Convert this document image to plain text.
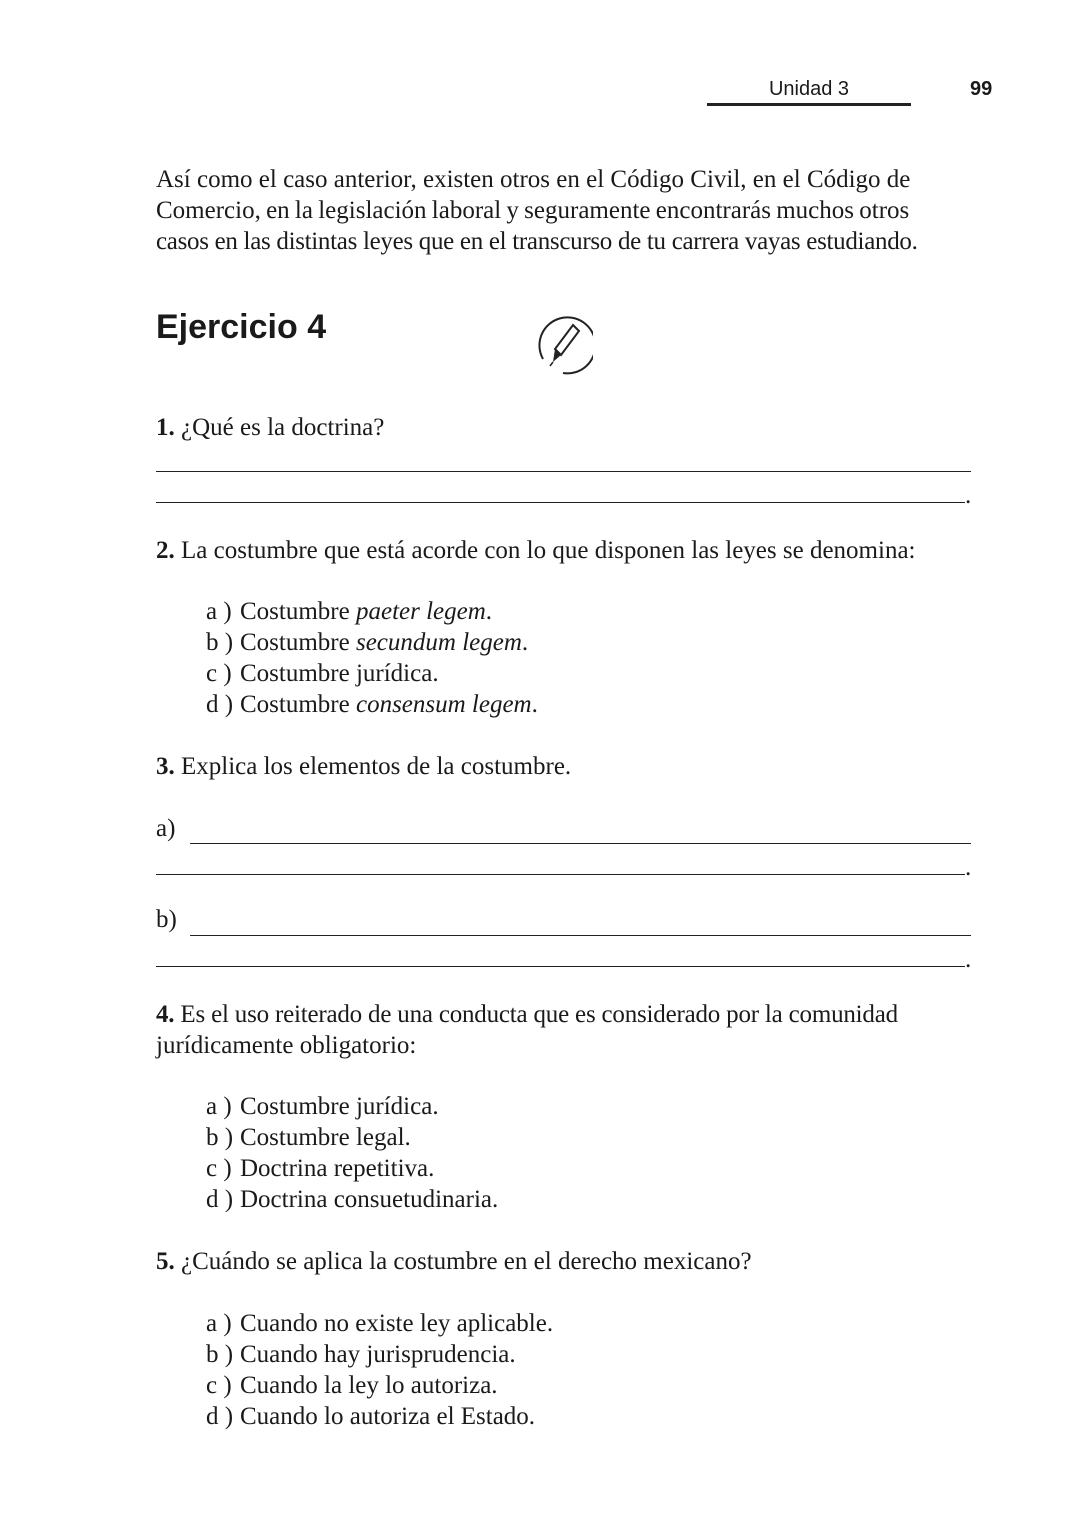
Unidad 3	99
Así como el caso anterior, existen otros en el Código Civil, en el Código de
Comercio, en la legislación laboral y seguramente encontrarás muchos otros
casos en las distintas leyes que en el transcurso de tu carrera vayas estudiando.
Ejercicio 4
1. ¿Qué es la doctrina?
.
2. La costumbre que está acorde con lo que disponen las leyes se denomina:
a ) Costumbre paeter legem.
b ) Costumbre secundum legem.
c ) Costumbre jurídica.
d ) Costumbre consensum legem.
3. Explica los elementos de la costumbre.
a)
.
b)
.
4. Es el uso reiterado de una conducta que es considerado por la comunidad
jurídicamente obligatorio:
a ) Costumbre jurídica.
b ) Costumbre legal.
c ) Doctrina repetitiva.
d ) Doctrina consuetudinaria.
5. ¿Cuándo se aplica la costumbre en el derecho mexicano?
a ) Cuando no existe ley aplicable.
b ) Cuando hay jurisprudencia.
c ) Cuando la ley lo autoriza.
d ) Cuando lo autoriza el Estado.
